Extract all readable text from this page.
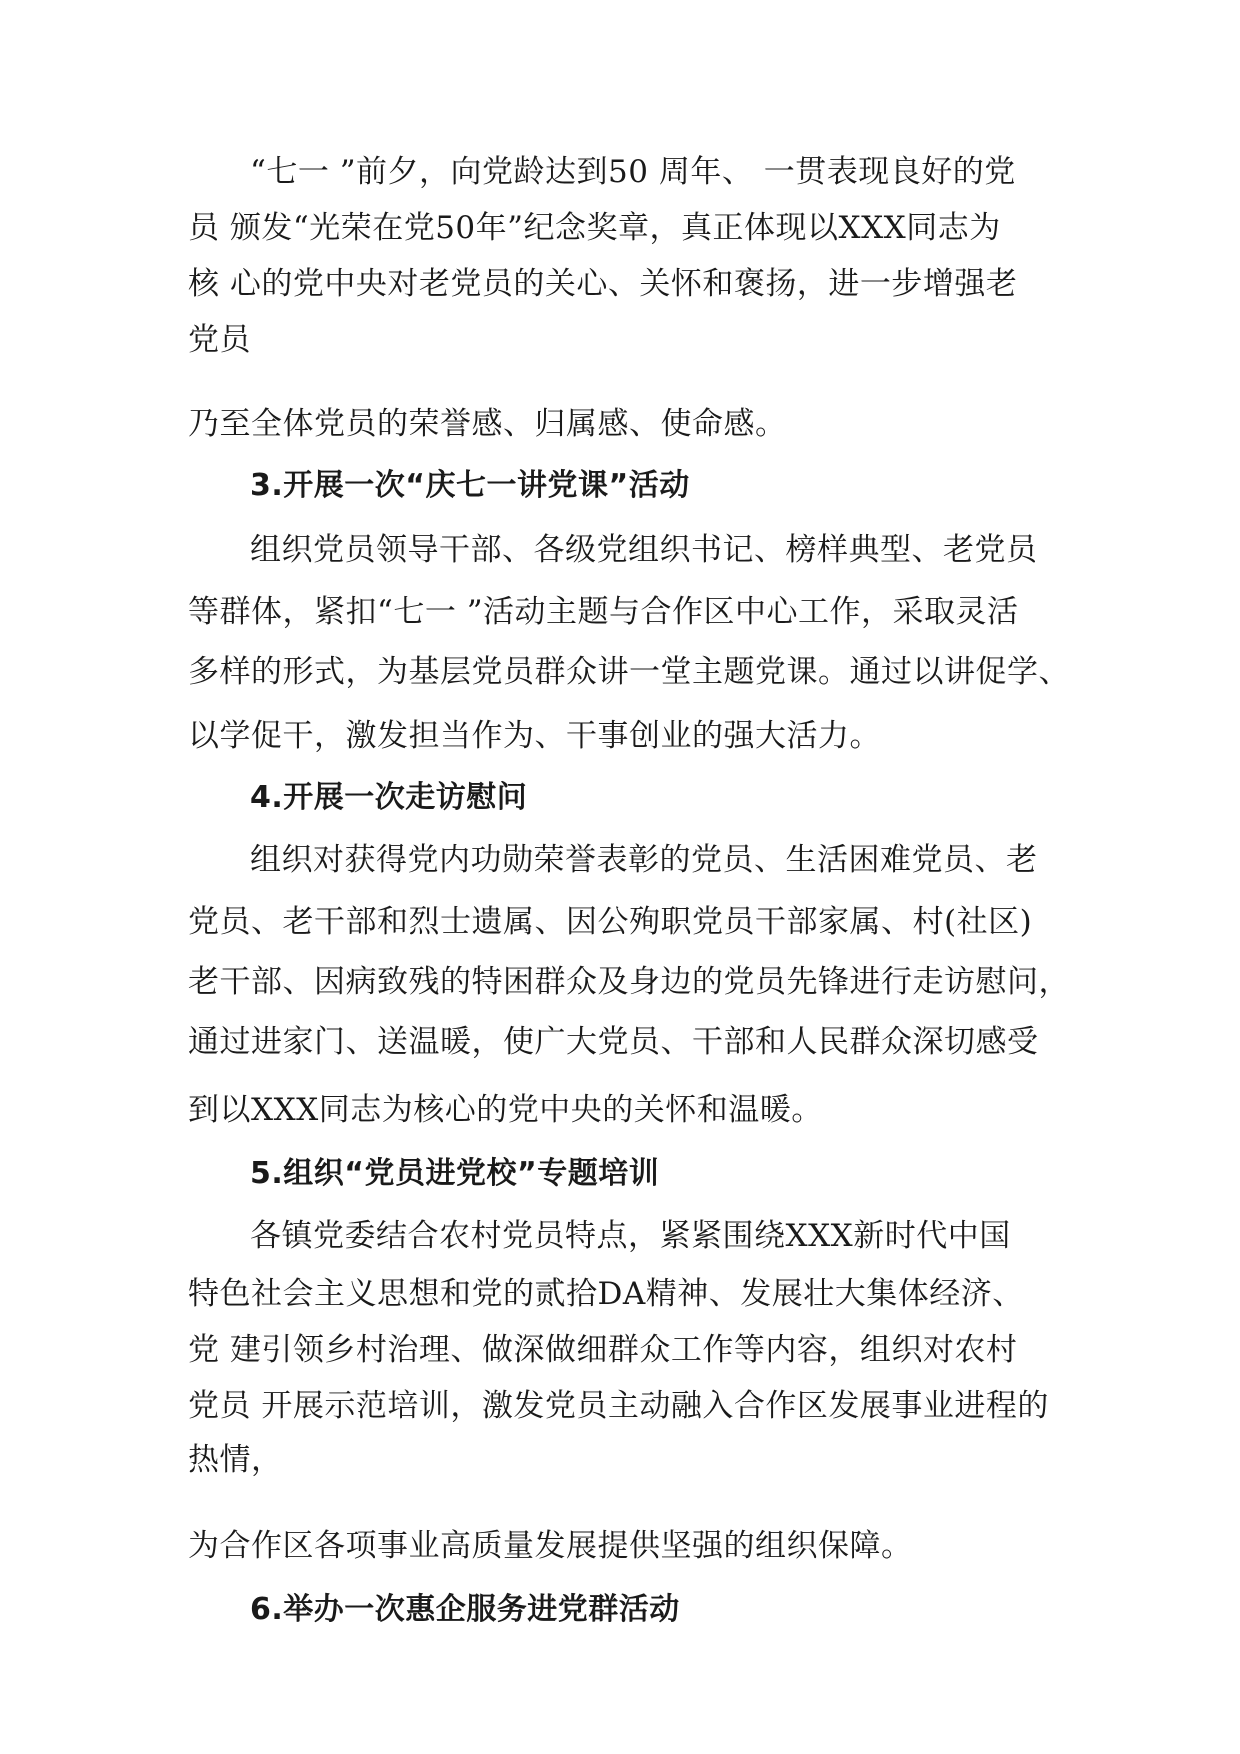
“七一 ”前夕，向党龄达到50 周年、 一贯表现良好的党

员 颁发“光荣在党50年”纪念奖章，真正体现以XXX同志为

核 心的党中央对老党员的关心、关怀和褒扬，进一步增强老

党员

乃至全体党员的荣誉感、归属感、使命感。

3.开展一次“庆七一讲党课”活动

组织党员领导干部、各级党组织书记、榜样典型、老党员

等群体，紧扣“七一 ”活动主题与合作区中心工作，采取灵活

多样的形式，为基层党员群众讲一堂主题党课。通过以讲促学、

以学促干，激发担当作为、干事创业的强大活力。

4.开展一次走访慰问

组织对获得党内功勋荣誉表彰的党员、生活困难党员、老

党员、老干部和烈士遗属、因公殉职党员干部家属、村(社区)

老干部、因病致残的特困群众及身边的党员先锋进行走访慰问，

通过进家门、送温暖，使广大党员、干部和人民群众深切感受

到以XXX同志为核心的党中央的关怀和温暖。

5.组织“党员进党校”专题培训

各镇党委结合农村党员特点，紧紧围绕XXX新时代中国

特色社会主义思想和党的贰拾DA精神、发展壮大集体经济、

党 建引领乡村治理、做深做细群众工作等内容，组织对农村

党员 开展示范培训，激发党员主动融入合作区发展事业进程的

热情，

为合作区各项事业高质量发展提供坚强的组织保障。

6.举办一次惠企服务进党群活动
